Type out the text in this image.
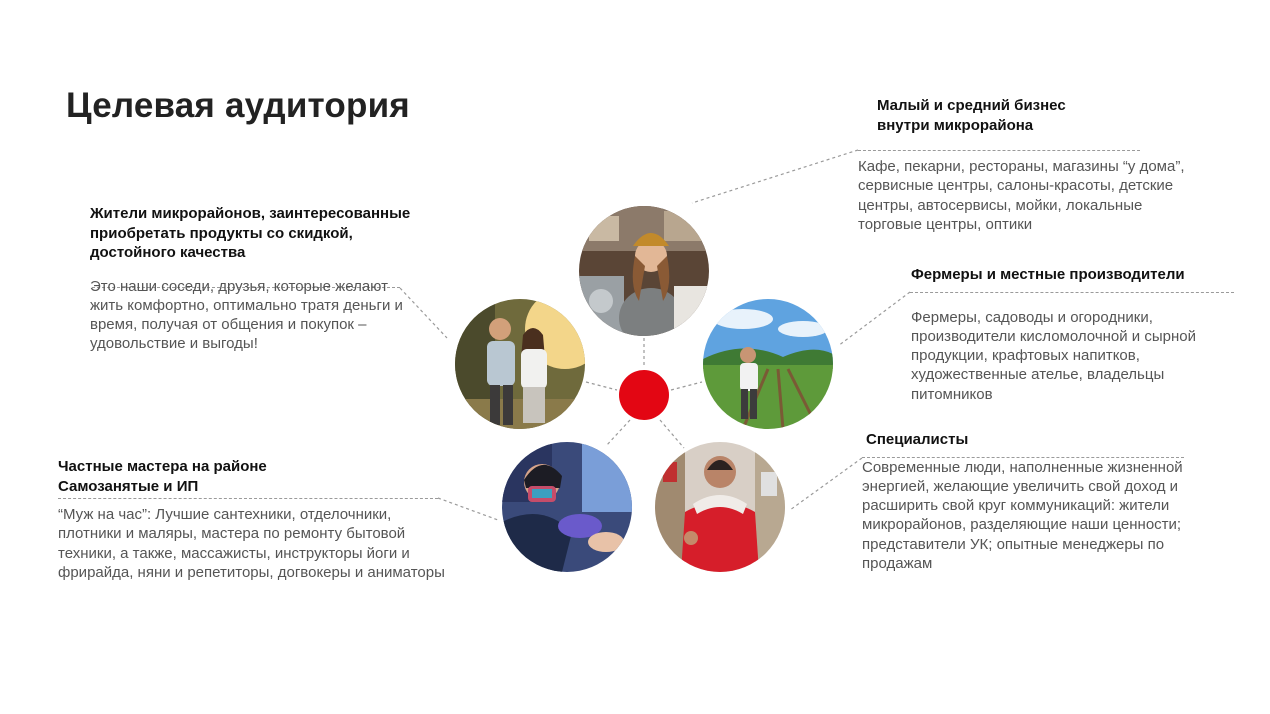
Целевая аудитория
Жители микрорайонов, заинтересованные приобретать продукты со скидкой, достойного качества

Это наши соседи, друзья, которые желают жить комфортно, оптимально тратя деньги и время, получая от общения и покупок – удовольствие и выгоды!

Малый и средний бизнес внутри микрорайона

Кафе, пекарни, рестораны, магазины “у дома”, сервисные центры, салоны-красоты, детские центры, автосервисы, мойки, локальные торговые центры, оптики

Фермеры и местные производители

Фермеры, садоводы и огородники, производители кисломолочной и сырной продукции, крафтовых напитков, художественные ателье, владельцы питомников

Частные мастера на районе Самозанятые и ИП

“Муж на час”: Лучшие сантехники, отделочники, плотники и маляры, мастера по ремонту бытовой техники, а также, массажисты, инструкторы йоги и фрирайда, няни и репетиторы, догвокеры и аниматоры

Специалисты

Современные люди, наполненные жизненной энергией, желающие увеличить свой доход и расширить свой круг коммуникаций: жители микрорайонов, разделяющие наши ценности; представители УК; опытные менеджеры по продажам
